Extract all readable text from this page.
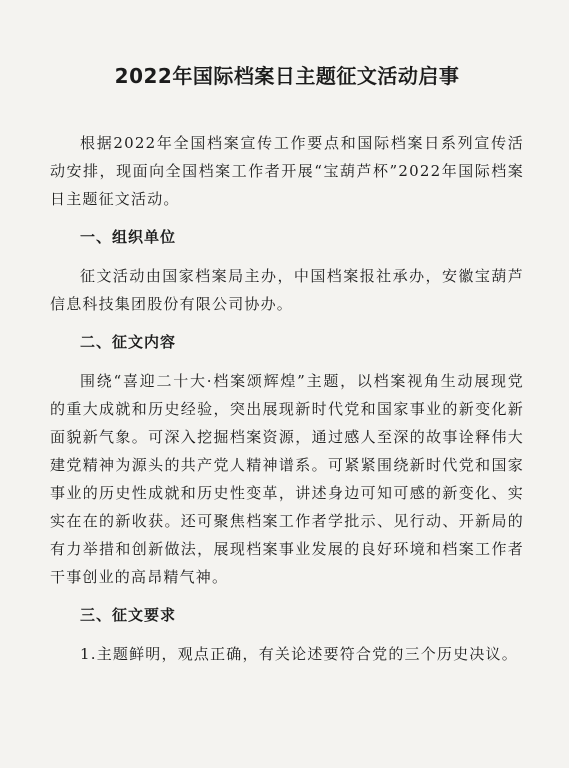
2022年国际档案日主题征文活动启事

根据2022年全国档案宣传工作要点和国际档案日系列宣传活动安排，现面向全国档案工作者开展“宝葫芦杯”2022年国际档案日主题征文活动。

一、组织单位

征文活动由国家档案局主办，中国档案报社承办，安徽宝葫芦信息科技集团股份有限公司协办。

二、征文内容

围绕“喜迎二十大·档案颂辉煌”主题，以档案视角生动展现党的重大成就和历史经验，突出展现新时代党和国家事业的新变化新面貌新气象。可深入挖掘档案资源，通过感人至深的故事诠释伟大建党精神为源头的共产党人精神谱系。可紧紧围绕新时代党和国家事业的历史性成就和历史性变革，讲述身边可知可感的新变化、实实在在的新收获。还可聚焦档案工作者学批示、见行动、开新局的有力举措和创新做法，展现档案事业发展的良好环境和档案工作者干事创业的高昂精气神。

三、征文要求

1.主题鲜明，观点正确，有关论述要符合党的三个历史决议。
